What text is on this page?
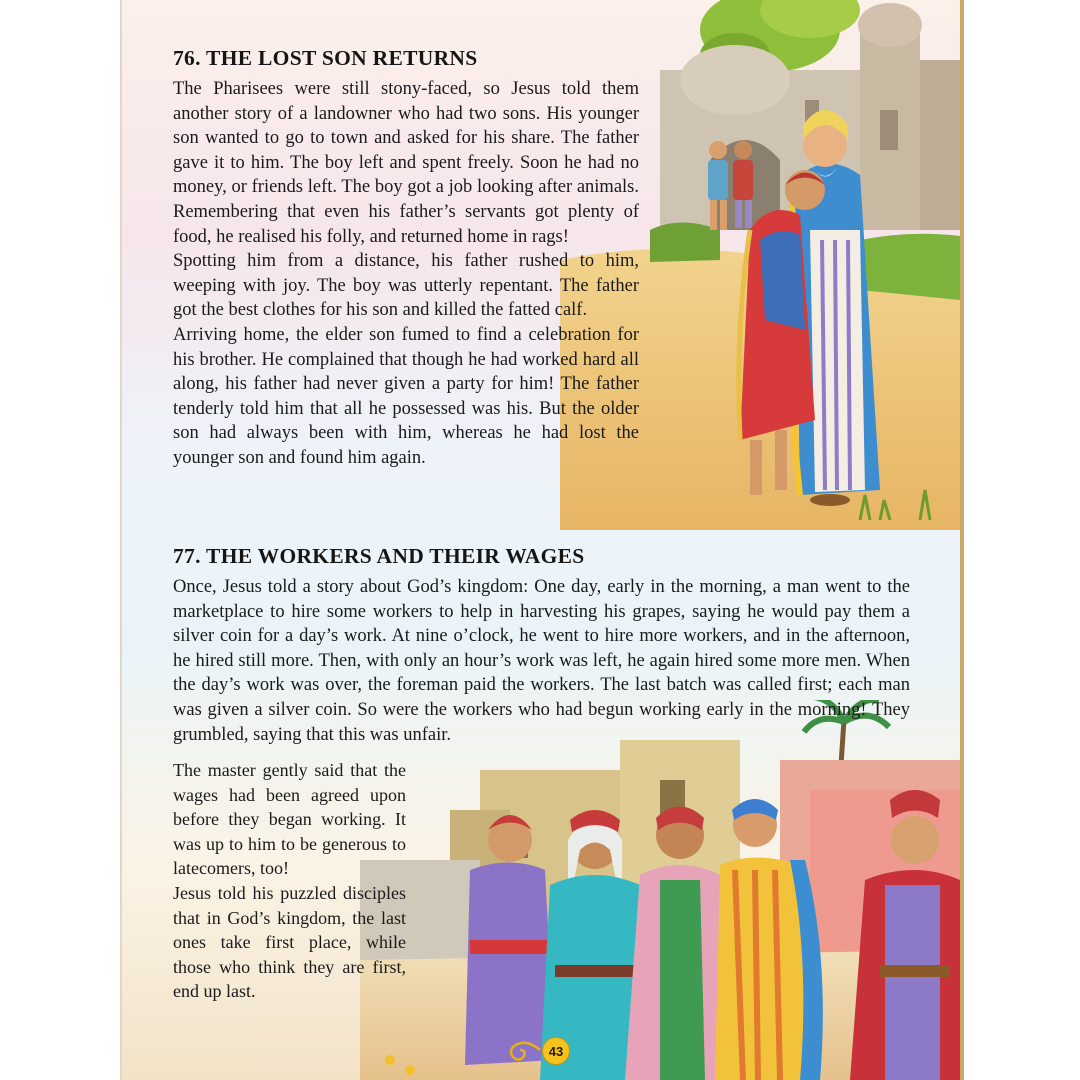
76. THE LOST SON RETURNS

The Pharisees were still stony-faced, so Jesus told them another story of a landowner who had two sons. His younger son wanted to go to town and asked for his share. The father gave it to him. The boy left and spent freely. Soon he had no money, or friends left. The boy got a job looking after animals. Remembering that even his father’s servants got plenty of food, he realised his folly, and returned home in rags!

Spotting him from a distance, his father rushed to him, weeping with joy. The boy was utterly repentant. The father got the best clothes for his son and killed the fatted calf.

Arriving home, the elder son fumed to find a celebration for his brother. He complained that though he had worked hard all along, his father had never given a party for him! The father tenderly told him that all he possessed was his. But the older son had always been with him, whereas he had lost the younger son and found him again.

77. THE WORKERS AND THEIR WAGES

Once, Jesus told a story about God’s kingdom: One day, early in the morning, a man went to the marketplace to hire some workers to help in harvesting his grapes, saying he would pay them a silver coin for a day’s work. At nine o’clock, he went to hire more workers, and in the afternoon, he hired still more. Then, with only an hour’s work was left, he again hired some more men. When the day’s work was over, the foreman paid the workers. The last batch was called first; each man was given a silver coin. So were the workers who had begun working early in the morning! They grumbled, saying that this was unfair.

The master gently said that the wages had been agreed upon before they began working. It was up to him to be generous to latecomers, too!

Jesus told his puzzled disciples that in God’s kingdom, the last ones take first place, while those who think they are first, end up last.

43
